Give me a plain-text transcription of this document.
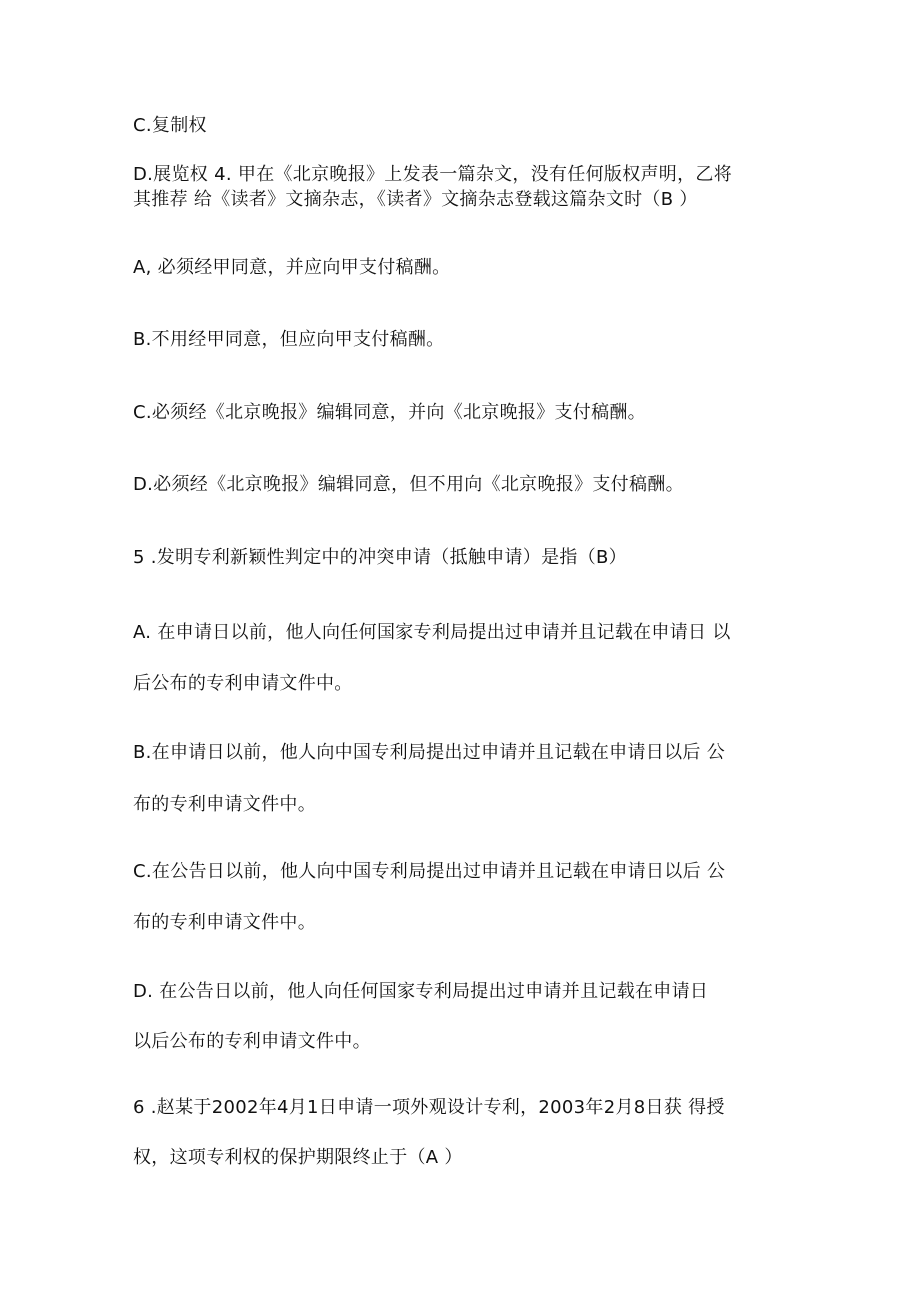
C.复制权
D.展览权 4. 甲在《北京晚报》上发表一篇杂文，没有任何版权声明，乙将
其推荐 给《读者》文摘杂志，《读者》文摘杂志登载这篇杂文时（B ）
A, 必须经甲同意，并应向甲支付稿酬。
B.不用经甲同意，但应向甲支付稿酬。
C.必须经《北京晚报》编辑同意，并向《北京晚报》支付稿酬。
D.必须经《北京晚报》编辑同意，但不用向《北京晚报》支付稿酬。
5 .发明专利新颖性判定中的冲突申请（抵触申请）是指（B）
A. 在申请日以前，他人向任何国家专利局提出过申请并且记载在申请日 以
后公布的专利申请文件中。
B.在申请日以前，他人向中国专利局提出过申请并且记载在申请日以后 公
布的专利申请文件中。
C.在公告日以前，他人向中国专利局提出过申请并且记载在申请日以后 公
布的专利申请文件中。
D. 在公告日以前，他人向任何国家专利局提出过申请并且记载在申请日
以后公布的专利申请文件中。
6 .赵某于2002年4月1日申请一项外观设计专利，2003年2月8日获 得授
权，这项专利权的保护期限终止于（A ）
